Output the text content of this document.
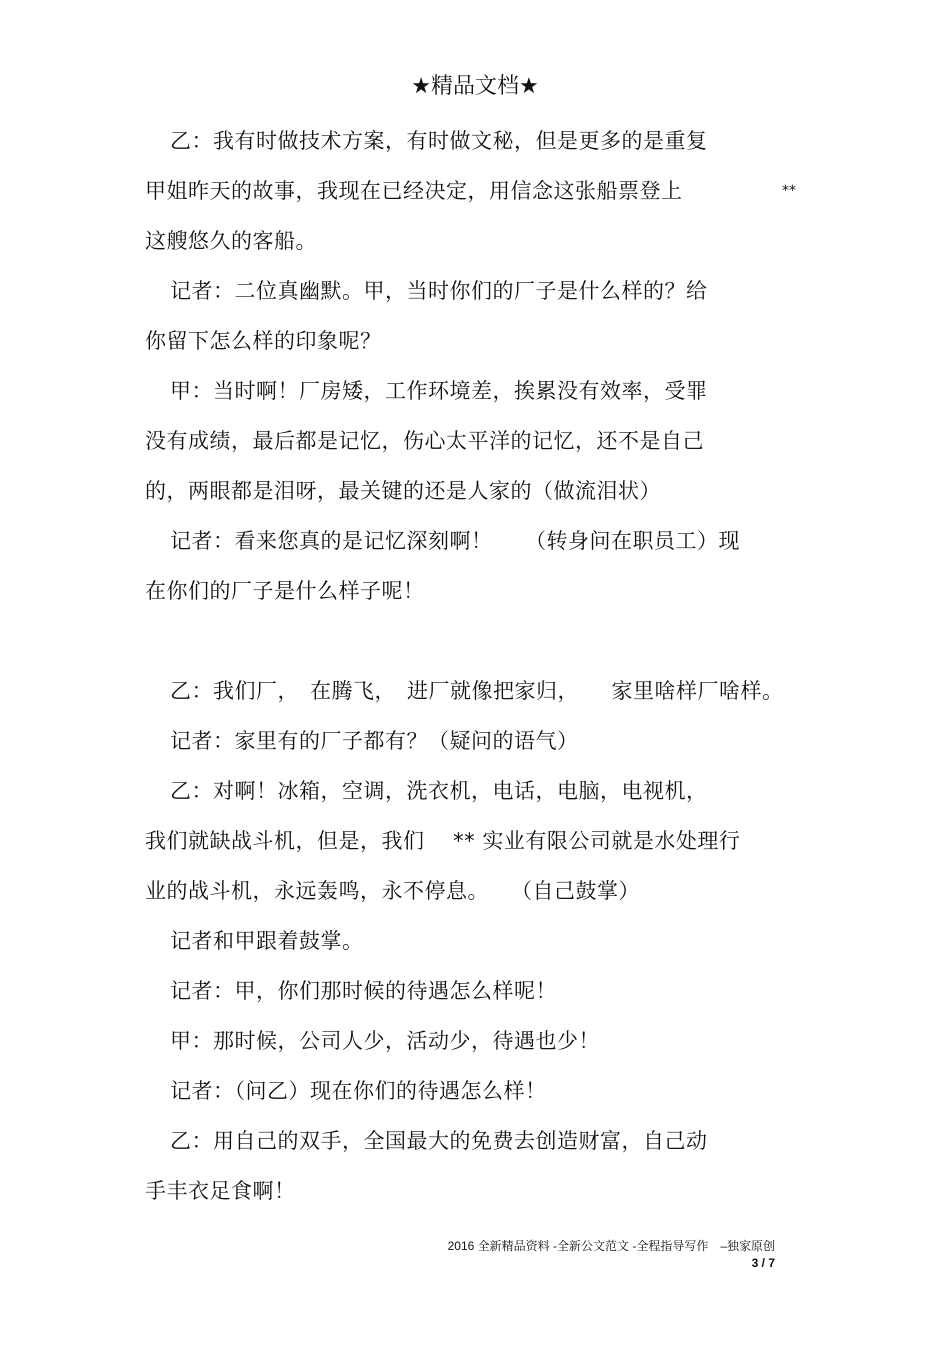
★精品文档★
乙：我有时做技术方案，有时做文秘，但是更多的是重复
甲姐昨天的故事，我现在已经决定，用信念这张船票登上	**
这艘悠久的客船。
记者：二位真幽默。甲，当时你们的厂子是什么样的？给
你留下怎么样的印象呢？
甲：当时啊！厂房矮，工作环境差，挨累没有效率，受罪
没有成绩，最后都是记忆，伤心太平洋的记忆，还不是自己
的，两眼都是泪呀，最关键的还是人家的（做流泪状）
记者：看来您真的是记忆深刻啊！　　（转身问在职员工）现
在你们的厂子是什么样子呢！
乙：我们厂，　在腾飞，　进厂就像把家归，　　家里啥样厂啥样。
记者：家里有的厂子都有？（疑问的语气）
乙：对啊！冰箱，空调，洗衣机，电话，电脑，电视机，
我们就缺战斗机，但是，我们　 ** 实业有限公司就是水处理行
业的战斗机，永远轰鸣，永不停息。　　（自己鼓掌）
记者和甲跟着鼓掌。
记者：甲，你们那时候的待遇怎么样呢！
甲：那时候，公司人少，活动少，待遇也少！
记者：（问乙）现在你们的待遇怎么样！
乙：用自己的双手，全国最大的免费去创造财富，自己动
手丰衣足食啊！
2016 全新精品资料 -全新公文范文 -全程指导写作　–独家原创
3 / 7
